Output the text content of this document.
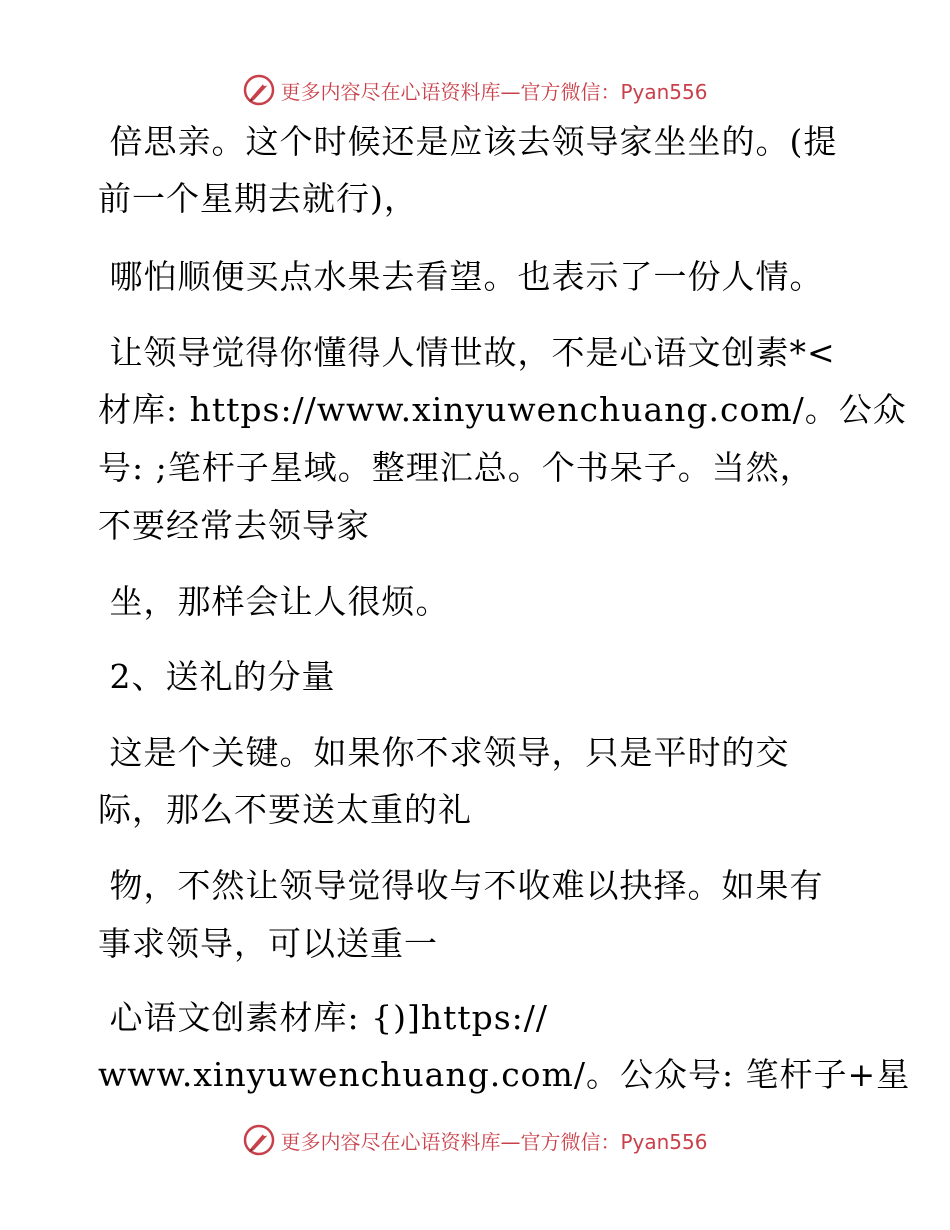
更多内容尽在心语资料库—官方微信：Pyan556
倍思亲。这个时候还是应该去领导家坐坐的。(提
前一个星期去就行)，
哪怕顺便买点水果去看望。也表示了一份人情。
让领导觉得你懂得人情世故，不是心语文创素*<
材库: https://www.xinyuwenchuang.com/。公众
号: ;笔杆子星域。整理汇总。个书呆子。当然，
不要经常去领导家
坐，那样会让人很烦。
2、送礼的分量
这是个关键。如果你不求领导，只是平时的交
际，那么不要送太重的礼
物，不然让领导觉得收与不收难以抉择。如果有
事求领导，可以送重一
心语文创素材库: {)]https://
www.xinyuwenchuang.com/。公众号: 笔杆子+星
更多内容尽在心语资料库—官方微信：Pyan556
